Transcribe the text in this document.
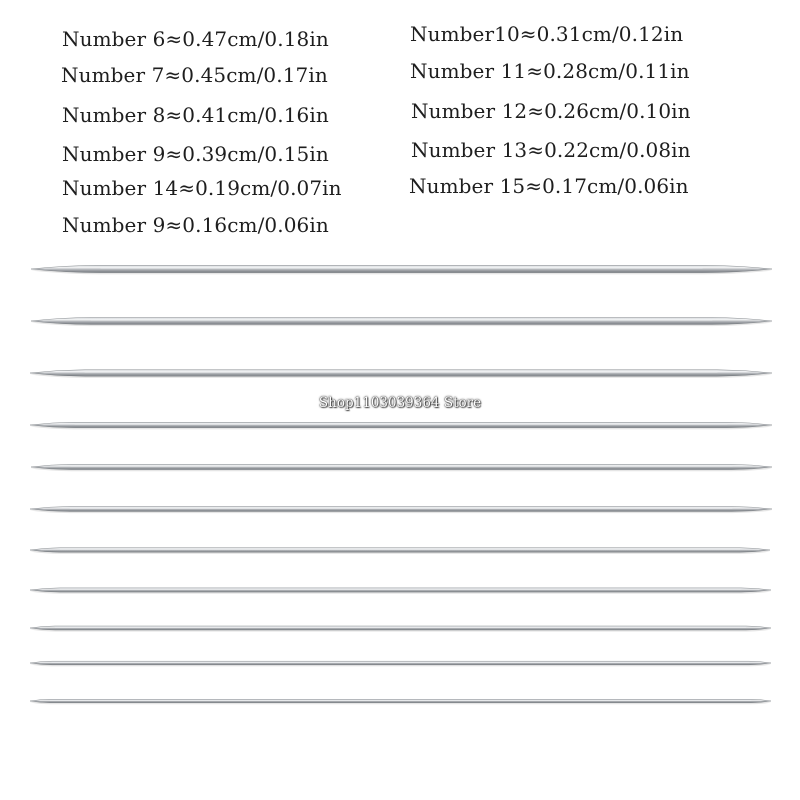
Number 6≈0.47cm/0.18in
Number 7≈0.45cm/0.17in
Number 8≈0.41cm/0.16in
Number 9≈0.39cm/0.15in
Number 14≈0.19cm/0.07in
Number 9≈0.16cm/0.06in
Number10≈0.31cm/0.12in
Number 11≈0.28cm/0.11in
Number 12≈0.26cm/0.10in
Number 13≈0.22cm/0.08in
Number 15≈0.17cm/0.06in
Shop1103039364 Store
